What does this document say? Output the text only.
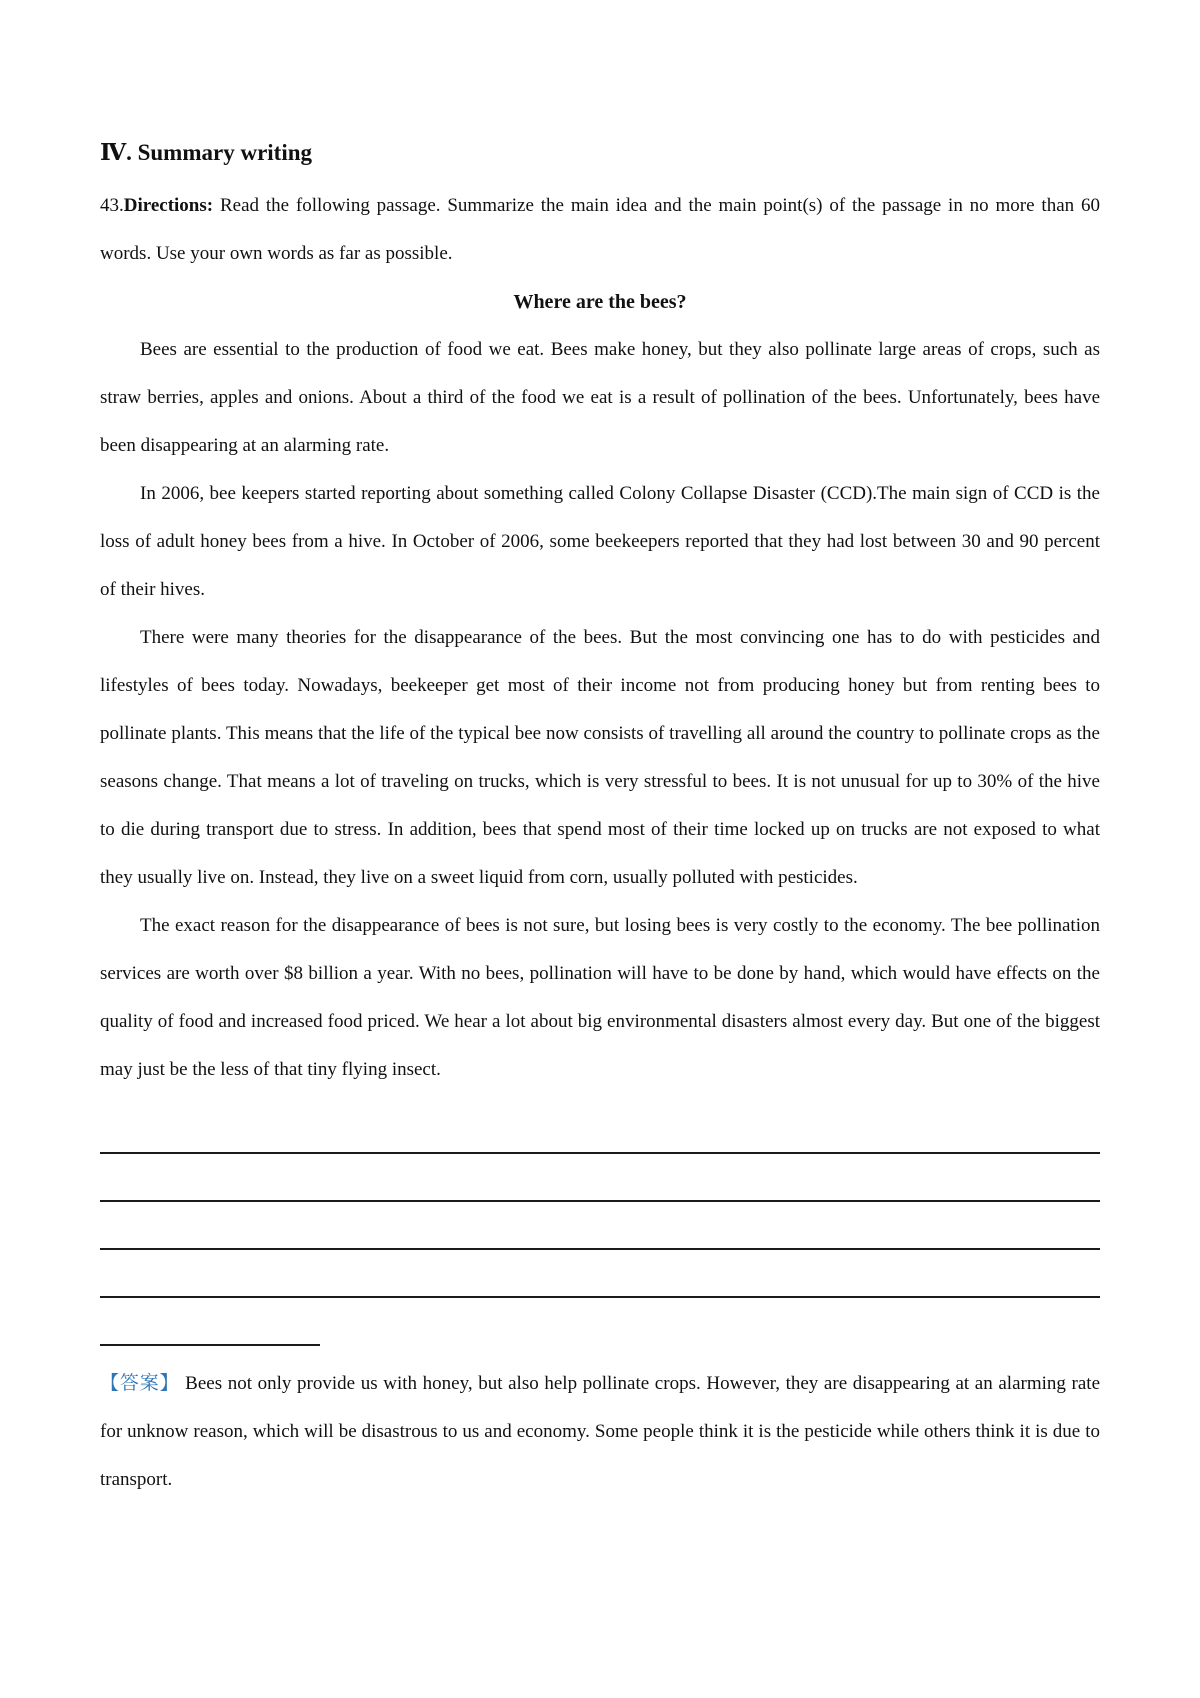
Ⅳ. Summary writing

43.Directions: Read the following passage. Summarize the main idea and the main point(s) of the passage in no more than 60 words. Use your own words as far as possible.

Where are the bees?

Bees are essential to the production of food we eat. Bees make honey, but they also pollinate large areas of crops, such as straw berries, apples and onions. About a third of the food we eat is a result of pollination of the bees. Unfortunately, bees have been disappearing at an alarming rate.

In 2006, bee keepers started reporting about something called Colony Collapse Disaster (CCD).The main sign of CCD is the loss of adult honey bees from a hive. In October of 2006, some beekeepers reported that they had lost between 30 and 90 percent of their hives.

There were many theories for the disappearance of the bees. But the most convincing one has to do with pesticides and lifestyles of bees today. Nowadays, beekeeper get most of their income not from producing honey but from renting bees to pollinate plants. This means that the life of the typical bee now consists of travelling all around the country to pollinate crops as the seasons change. That means a lot of traveling on trucks, which is very stressful to bees. It is not unusual for up to 30% of the hive to die during transport due to stress. In addition, bees that spend most of their time locked up on trucks are not exposed to what they usually live on. Instead, they live on a sweet liquid from corn, usually polluted with pesticides.

The exact reason for the disappearance of bees is not sure, but losing bees is very costly to the economy. The bee pollination services are worth over $8 billion a year. With no bees, pollination will have to be done by hand, which would have effects on the quality of food and increased food priced. We hear a lot about big environmental disasters almost every day. But one of the biggest may just be the less of that tiny flying insect.

【答案】 Bees not only provide us with honey, but also help pollinate crops. However, they are disappearing at an alarming rate for unknow reason, which will be disastrous to us and economy. Some people think it is the pesticide while others think it is due to transport.
